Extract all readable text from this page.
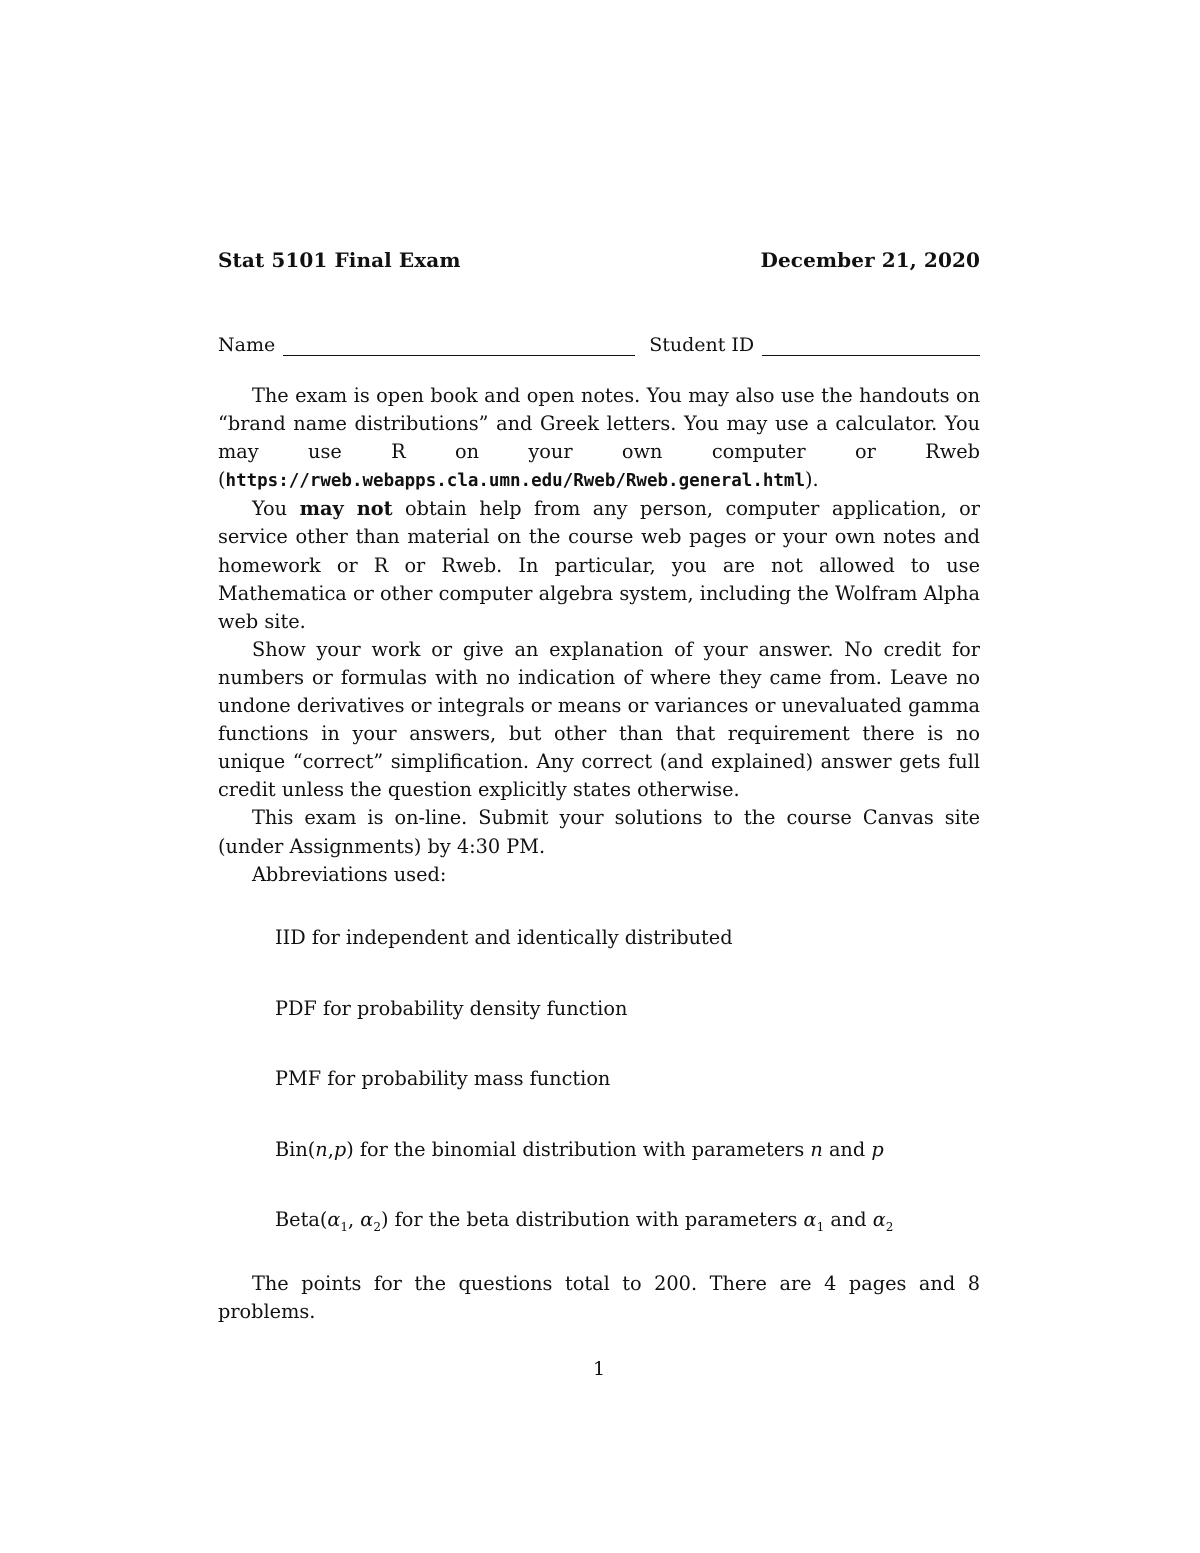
Stat 5101 Final Exam	December 21, 2020
Name	Student ID

The exam is open book and open notes. You may also use the handouts on “brand name distributions” and Greek letters. You may use a calculator. You may use R on your own computer or Rweb (https://rweb.webapps.cla.umn.edu/Rweb/Rweb.general.html).

You may not obtain help from any person, computer application, or service other than material on the course web pages or your own notes and homework or R or Rweb. In particular, you are not allowed to use Mathematica or other computer algebra system, including the Wolfram Alpha web site.

Show your work or give an explanation of your answer. No credit for numbers or formulas with no indication of where they came from. Leave no undone derivatives or integrals or means or variances or unevaluated gamma functions in your answers, but other than that requirement there is no unique “correct” simplification. Any correct (and explained) answer gets full credit unless the question explicitly states otherwise.

This exam is on-line. Submit your solutions to the course Canvas site (under Assignments) by 4:30 PM.

Abbreviations used:

IID for independent and identically distributed
PDF for probability density function
PMF for probability mass function
Bin(n,p) for the binomial distribution with parameters n and p
$Beta(\alpha_1$, $\alpha_2$) for the beta distribution with parameters $\alpha_1$ and $\alpha_2$

The points for the questions total to 200. There are 4 pages and 8 problems.

1
